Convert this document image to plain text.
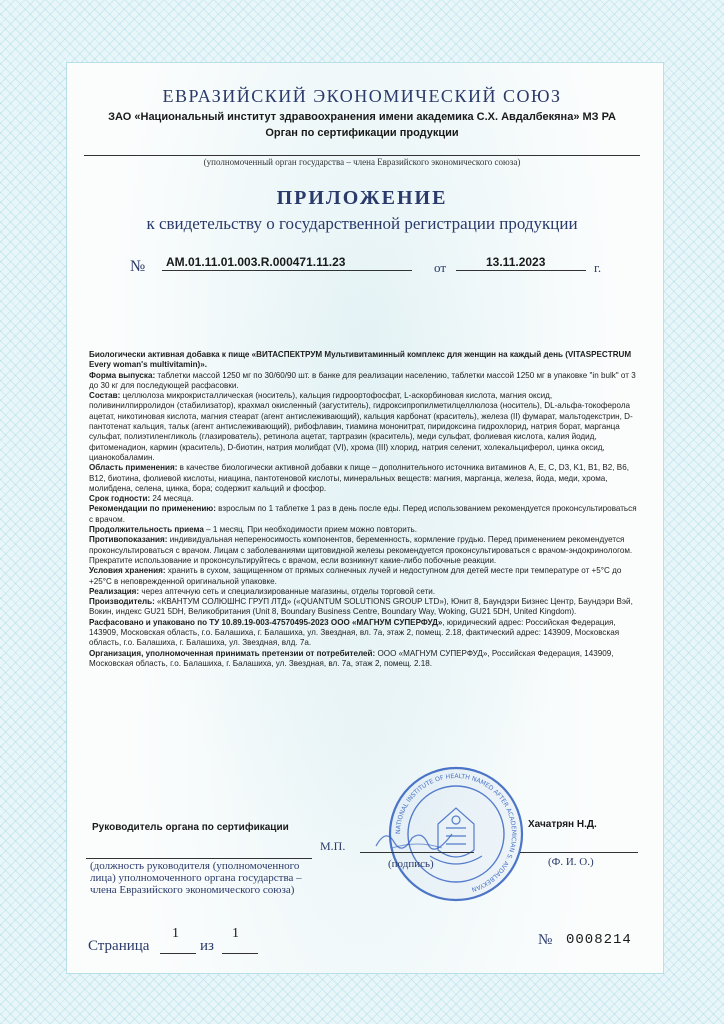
ЕВРАЗИЙСКИЙ ЭКОНОМИЧЕСКИЙ СОЮЗ
ЗАО «Национальный институт здравоохранения имени академика С.Х. Авдалбекяна» МЗ РА
Орган по сертификации продукции
(уполномоченный орган государства – члена Евразийского экономического союза)
ПРИЛОЖЕНИЕ
к свидетельству о государственной регистрации продукции
№ AM.01.11.01.003.R.000471.11.23	от	13.11.2023	г.

Биологически активная добавка к пище «ВИТАСПЕКТРУМ Мультивитаминный комплекс для женщин на каждый день (VITASPECTRUM Every woman's multivitamin)».

Форма выпуска: таблетки массой 1250 мг по 30/60/90 шт. в банке для реализации населению, таблетки массой 1250 мг в упаковке "in bulk" от 3 до 30 кг для последующей расфасовки.

Состав: целлюлоза микрокристаллическая (носитель), кальция гидроортофосфат, L-аскорбиновая кислота, магния оксид, поливинилпирролидон (стабилизатор), крахмал окисленный (загуститель), гидроксипропилметилцеллюлоза (носитель), DL-альфа-токоферола ацетат, никотиновая кислота, магния стеарат (агент антислеживающий), кальция карбонат (краситель), железа (II) фумарат, мальтодекстрин, D-пантотенат кальция, тальк (агент антислеживающий), рибофлавин, тиамина мононитрат, пиридоксина гидрохлорид, натрия борат, марганца сульфат, полиэтиленгликоль (глазирователь), ретинола ацетат, тартразин (краситель), меди сульфат, фолиевая кислота, калия йодид, фитоменадион, кармин (краситель), D-биотин, натрия молибдат (VI), хрома (III) хлорид, натрия селенит, холекальциферол, цинка оксид, цианокобаламин.

Область применения: в качестве биологически активной добавки к пище – дополнительного источника витаминов А, Е, С, D3, K1, B1, B2, B6, B12, биотина, фолиевой кислоты, ниацина, пантотеновой кислоты, минеральных веществ: магния, марганца, железа, йода, меди, хрома, молибдена, селена, цинка, бора; содержит кальций и фосфор.

Срок годности: 24 месяца.

Рекомендации по применению: взрослым по 1 таблетке 1 раз в день после еды. Перед использованием рекомендуется проконсультироваться с врачом.

Продолжительность приема – 1 месяц. При необходимости прием можно повторить.

Противопоказания: индивидуальная непереносимость компонентов, беременность, кормление грудью. Перед применением рекомендуется проконсультироваться с врачом. Лицам с заболеваниями щитовидной железы рекомендуется проконсультироваться с врачом-эндокринологом. Прекратите использование и проконсультируйтесь с врачом, если возникнут какие-либо побочные реакции.

Условия хранения: хранить в сухом, защищенном от прямых солнечных лучей и недоступном для детей месте при температуре от +5°С до +25°С в неповрежденной оригинальной упаковке.

Реализация: через аптечную сеть и специализированные магазины, отделы торговой сети.

Производитель: «КВАНТУМ СОЛЮШНС ГРУП ЛТД» («QUANTUM SOLUTIONS GROUP LTD»), Юнит 8, Баундэри Бизнес Центр, Баундэри Вэй, Вокин, индекс GU21 5DH, Великобритания (Unit 8, Boundary Business Centre, Boundary Way, Woking, GU21 5DH, United Kingdom).

Расфасовано и упаковано по ТУ 10.89.19-003-47570495-2023 ООО «МАГНУМ СУПЕРФУД», юридический адрес: Российская Федерация, 143909, Московская область, г.о. Балашиха, г. Балашиха, ул. Звездная, вл. 7а, этаж 2, помещ. 2.18, фактический адрес: 143909, Московская область, г.о. Балашиха, г. Балашиха, ул. Звездная, влд. 7а.

Организация, уполномоченная принимать претензии от потребителей: ООО «МАГНУМ СУПЕРФУД», Российская Федерация, 143909, Московская область, г.о. Балашиха, г. Балашиха, ул. Звездная, вл. 7а, этаж 2, помещ. 2.18.

NATIONAL INSTITUTE OF HEALTH NAMED AFTER ACADEMICIAN S. AVDALBEKYAN
Руководитель органа по сертификации
М.П.
Хачатрян Н.Д.
(подпись)	(Ф. И. О.)
(должность руководителя (уполномоченного лица) уполномоченного органа государства – члена Евразийского экономического союза)
Страница
1
из
1	№ 0008214
